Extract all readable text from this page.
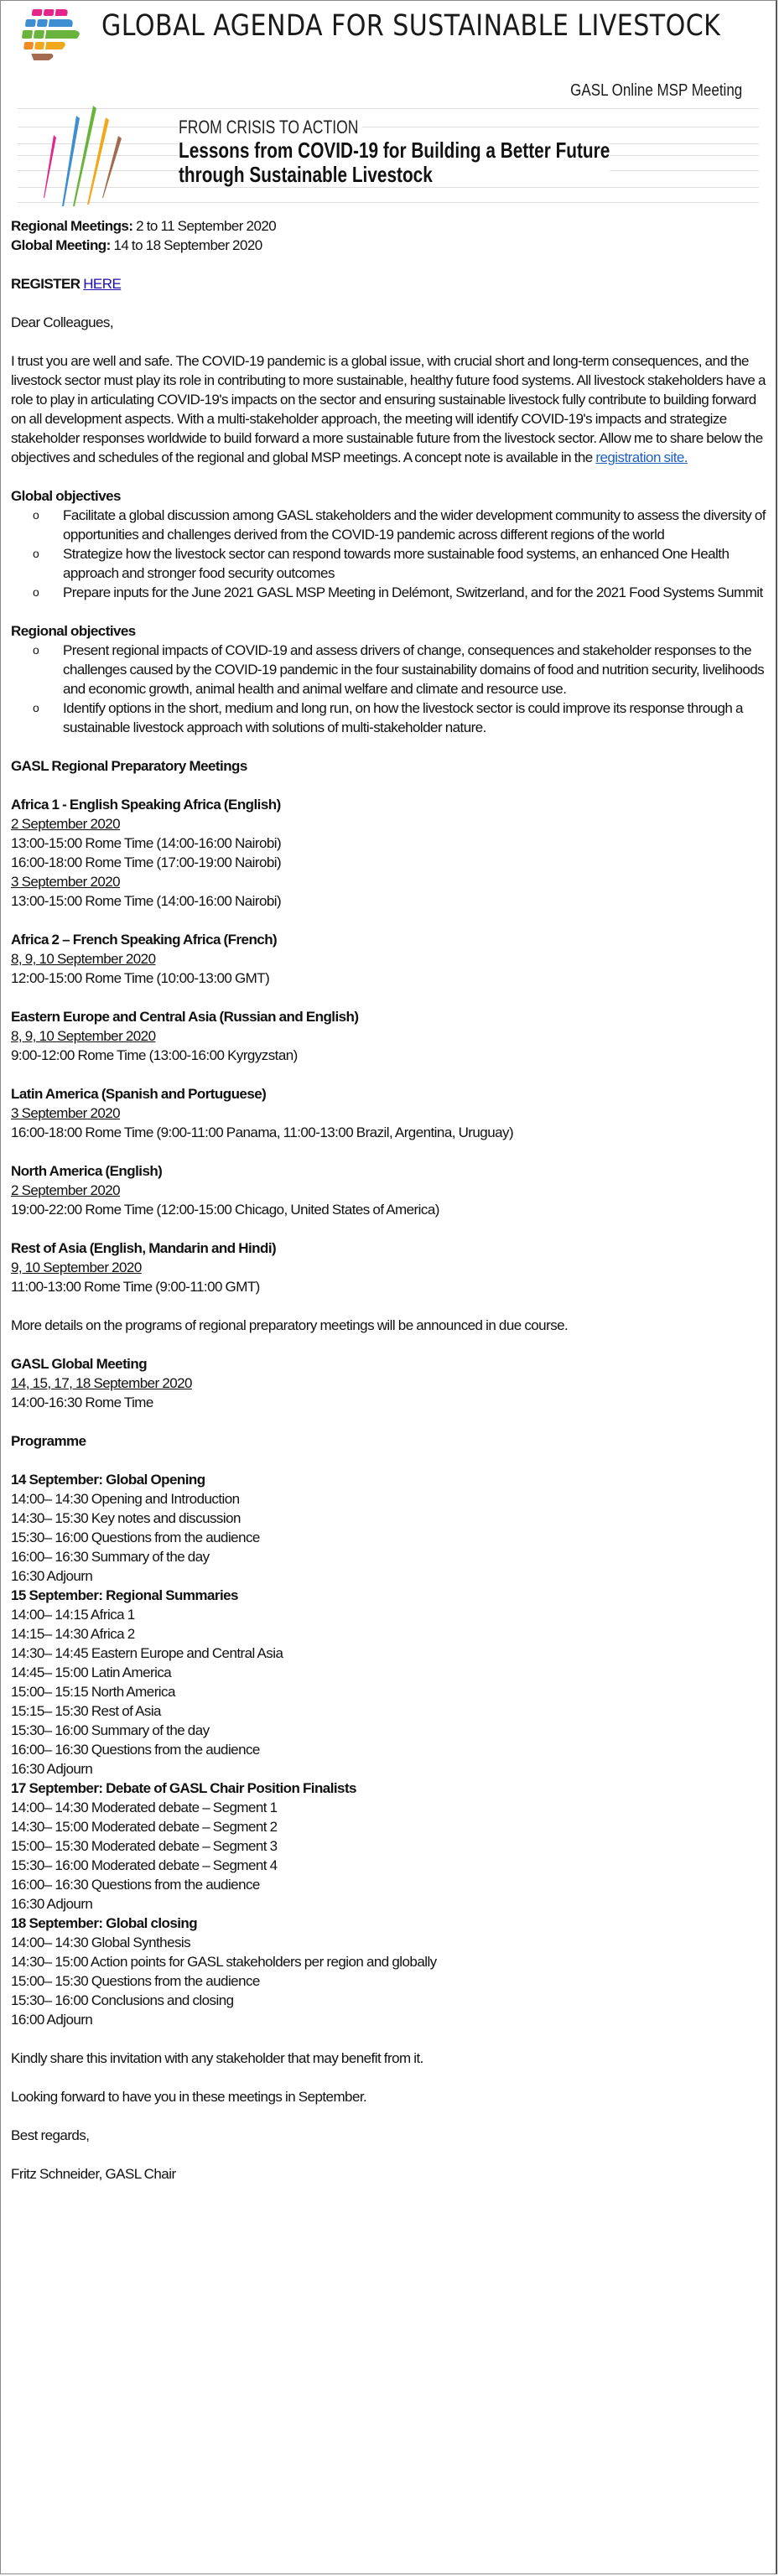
GLOBAL AGENDA FOR SUSTAINABLE LIVESTOCK
GASL Online MSP Meeting
FROM CRISIS TO ACTION
Lessons from COVID-19 for Building a Better Future
through Sustainable Livestock

Regional Meetings: 2 to 11 September 2020

Global Meeting: 14 to 18 September 2020

REGISTER HERE

Dear Colleagues,

I trust you are well and safe. The COVID-19 pandemic is a global issue, with crucial short and long-term consequences, and the livestock sector must play its role in contributing to more sustainable, healthy future food systems. All livestock stakeholders have a role to play in articulating COVID-19's impacts on the sector and ensuring sustainable livestock fully contribute to building forward on all development aspects. With a multi-stakeholder approach, the meeting will identify COVID-19's impacts and strategize stakeholder responses worldwide to build forward a more sustainable future from the livestock sector. Allow me to share below the objectives and schedules of the regional and global MSP meetings. A concept note is available in the registration site.

Global objectives

o Facilitate a global discussion among GASL stakeholders and the wider development community to assess the diversity of opportunities and challenges derived from the COVID-19 pandemic across different regions of the world
o Strategize how the livestock sector can respond towards more sustainable food systems, an enhanced One Health approach and stronger food security outcomes
o Prepare inputs for the June 2021 GASL MSP Meeting in Delémont, Switzerland, and for the 2021 Food Systems Summit

Regional objectives

o Present regional impacts of COVID-19 and assess drivers of change, consequences and stakeholder responses to the challenges caused by the COVID-19 pandemic in the four sustainability domains of food and nutrition security, livelihoods and economic growth, animal health and animal welfare and climate and resource use.
o Identify options in the short, medium and long run, on how the livestock sector is could improve its response through a sustainable livestock approach with solutions of multi-stakeholder nature.

GASL Regional Preparatory Meetings

Africa 1 - English Speaking Africa (English)

2 September 2020

13:00-15:00 Rome Time (14:00-16:00 Nairobi)

16:00-18:00 Rome Time (17:00-19:00 Nairobi)

3 September 2020

13:00-15:00 Rome Time (14:00-16:00 Nairobi)

Africa 2 – French Speaking Africa (French)

8, 9, 10 September 2020

12:00-15:00 Rome Time (10:00-13:00 GMT)

Eastern Europe and Central Asia (Russian and English)

8, 9, 10 September 2020

9:00-12:00 Rome Time (13:00-16:00 Kyrgyzstan)

Latin America (Spanish and Portuguese)

3 September 2020

16:00-18:00 Rome Time (9:00-11:00 Panama, 11:00-13:00 Brazil, Argentina, Uruguay)

North America (English)

2 September 2020

19:00-22:00 Rome Time (12:00-15:00 Chicago, United States of America)

Rest of Asia (English, Mandarin and Hindi)

9, 10 September 2020

11:00-13:00 Rome Time (9:00-11:00 GMT)

More details on the programs of regional preparatory meetings will be announced in due course.

GASL Global Meeting

14, 15, 17, 18 September 2020

14:00-16:30 Rome Time

Programme

14 September: Global Opening

14:00– 14:30 Opening and Introduction

14:30– 15:30 Key notes and discussion

15:30– 16:00 Questions from the audience

16:00– 16:30 Summary of the day

16:30 Adjourn

15 September: Regional Summaries

14:00– 14:15 Africa 1

14:15– 14:30 Africa 2

14:30– 14:45 Eastern Europe and Central Asia

14:45– 15:00 Latin America

15:00– 15:15 North America

15:15– 15:30 Rest of Asia

15:30– 16:00 Summary of the day

16:00– 16:30 Questions from the audience

16:30 Adjourn

17 September: Debate of GASL Chair Position Finalists

14:00– 14:30 Moderated debate – Segment 1

14:30– 15:00 Moderated debate – Segment 2

15:00– 15:30 Moderated debate – Segment 3

15:30– 16:00 Moderated debate – Segment 4

16:00– 16:30 Questions from the audience

16:30 Adjourn

18 September: Global closing

14:00– 14:30 Global Synthesis

14:30– 15:00 Action points for GASL stakeholders per region and globally

15:00– 15:30 Questions from the audience

15:30– 16:00 Conclusions and closing

16:00 Adjourn

Kindly share this invitation with any stakeholder that may benefit from it.

Looking forward to have you in these meetings in September.

Best regards,

Fritz Schneider, GASL Chair
